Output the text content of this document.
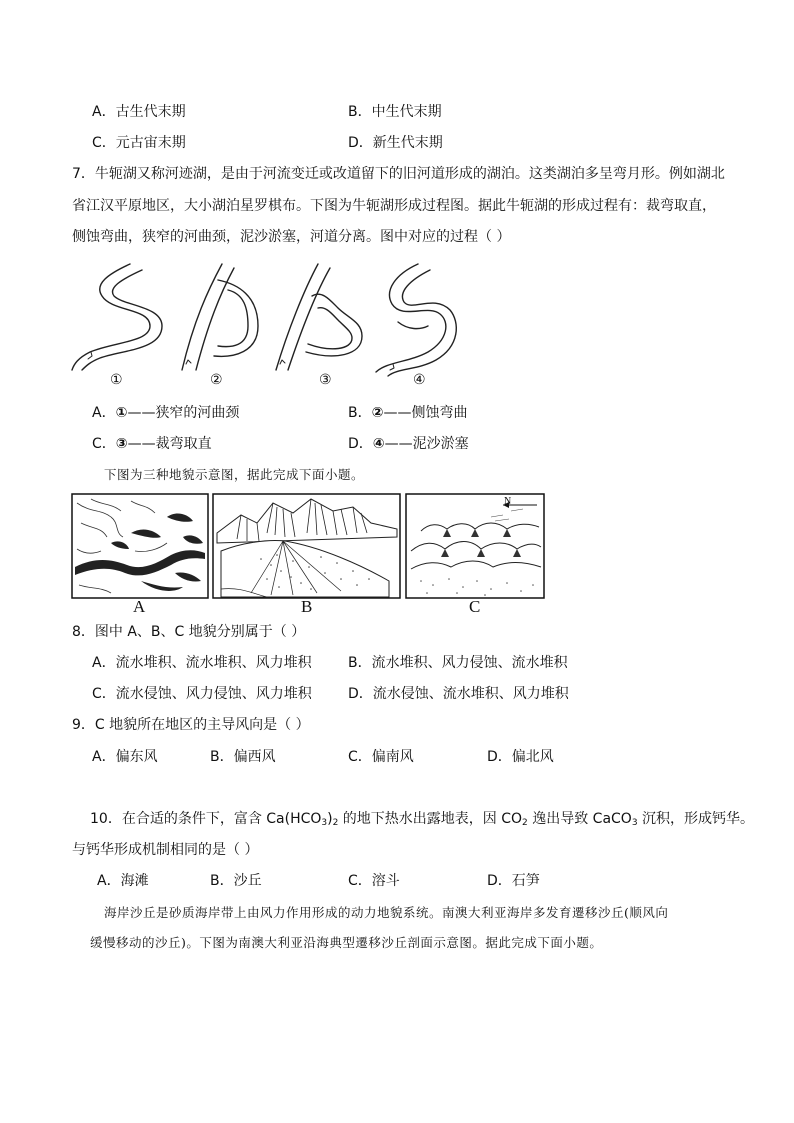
A．古生代末期	B．中生代末期
C．元古宙末期	D．新生代末期
7．牛轭湖又称河迹湖，是由于河流变迁或改道留下的旧河道形成的湖泊。这类湖泊多呈弯月形。例如湖北
省江汉平原地区，大小湖泊星罗棋布。下图为牛轭湖形成过程图。据此牛轭湖的形成过程有：裁弯取直，
侧蚀弯曲，狭窄的河曲颈，泥沙淤塞，河道分离。图中对应的过程（ ）
①	②	③	④
A．①——狭窄的河曲颈	B．②——侧蚀弯曲
C．③——裁弯取直	D．④——泥沙淤塞
下图为三种地貌示意图，据此完成下面小题。
N
A	B	C
8．图中 A、B、C 地貌分别属于（ ）
A．流水堆积、流水堆积、风力堆积	B．流水堆积、风力侵蚀、流水堆积
C．流水侵蚀、风力侵蚀、风力堆积	D．流水侵蚀、流水堆积、风力堆积
9．C 地貌所在地区的主导风向是（ ）
A．偏东风	B．偏西风	C．偏南风	D．偏北风
10．在合适的条件下，富含 $Ca(HCO_3)_2$ 的地下热水出露地表，因 $CO_2$ 逸出导致 CaCO$_3$ 沉积，形成钙华。
与钙华形成机制相同的是（ ）
A．海滩	B．沙丘	C．溶斗	D．石笋
海岸沙丘是砂质海岸带上由风力作用形成的动力地貌系统。南澳大利亚海岸多发育遷移沙丘(顺风向
缓慢移动的沙丘)。下图为南澳大利亚沿海典型遷移沙丘剖面示意图。据此完成下面小题。
